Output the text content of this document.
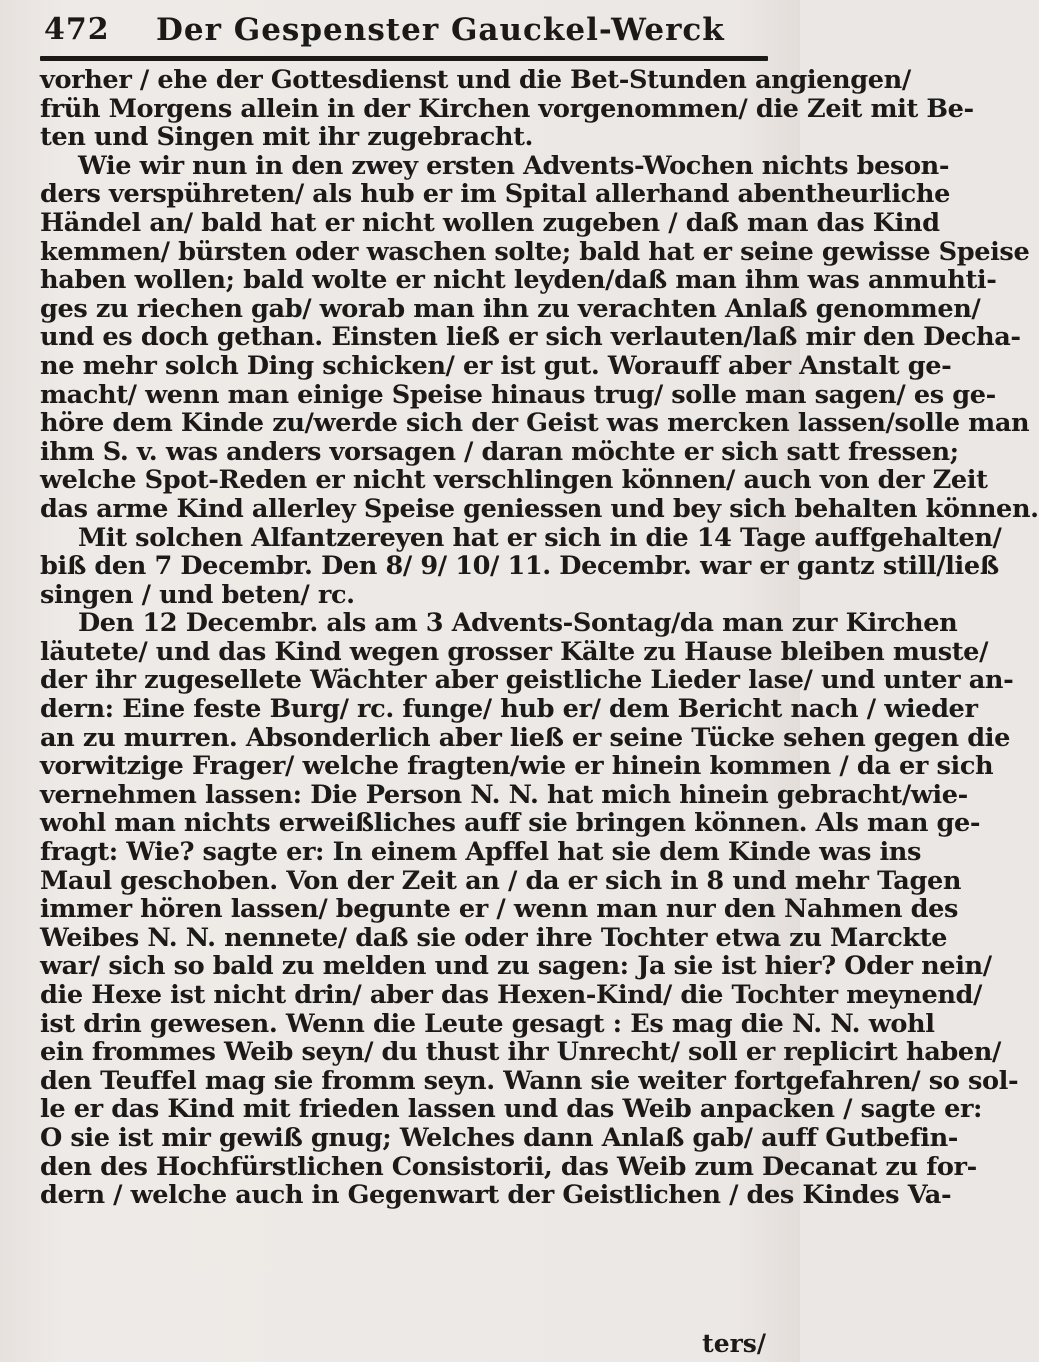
472 Der Gespenster Gauckel-Werck
vorher / ehe der Gottesdienst und die Bet-Stunden angiengen/
früh Morgens allein in der Kirchen vorgenommen/ die Zeit mit Be-
ten und Singen mit ihr zugebracht.
Wie wir nun in den zwey ersten Advents-Wochen nichts beson-
ders verspühreten/ als hub er im Spital allerhand abentheurliche
Händel an/ bald hat er nicht wollen zugeben / daß man das Kind
kemmen/ bürsten oder waschen solte; bald hat er seine gewisse Speise
haben wollen; bald wolte er nicht leyden/daß man ihm was anmuhti-
ges zu riechen gab/ worab man ihn zu verachten Anlaß genommen/
und es doch gethan. Einsten ließ er sich verlauten/laß mir den Decha-
ne mehr solch Ding schicken/ er ist gut. Worauff aber Anstalt ge-
macht/ wenn man einige Speise hinaus trug/ solle man sagen/ es ge-
höre dem Kinde zu/werde sich der Geist was mercken lassen/solle man
ihm S. v. was anders vorsagen / daran möchte er sich satt fressen;
welche Spot-Reden er nicht verschlingen können/ auch von der Zeit
das arme Kind allerley Speise geniessen und bey sich behalten können.
Mit solchen Alfantzereyen hat er sich in die 14 Tage auffgehalten/
biß den 7 Decembr. Den 8/ 9/ 10/ 11. Decembr. war er gantz still/ließ
singen / und beten/ rc.
Den 12 Decembr. als am 3 Advents-Sontag/da man zur Kirchen
läutete/ und das Kind wegen grosser Kälte zu Hause bleiben muste/
der ihr zugesellete Wächter aber geistliche Lieder lase/ und unter an-
dern: Eine feste Burg/ rc. funge/ hub er/ dem Bericht nach / wieder
an zu murren. Absonderlich aber ließ er seine Tücke sehen gegen die
vorwitzige Frager/ welche fragten/wie er hinein kommen / da er sich
vernehmen lassen: Die Person N. N. hat mich hinein gebracht/wie-
wohl man nichts erweißliches auff sie bringen können. Als man ge-
fragt: Wie? sagte er: In einem Apffel hat sie dem Kinde was ins
Maul geschoben. Von der Zeit an / da er sich in 8 und mehr Tagen
immer hören lassen/ begunte er / wenn man nur den Nahmen des
Weibes N. N. nennete/ daß sie oder ihre Tochter etwa zu Marckte
war/ sich so bald zu melden und zu sagen: Ja sie ist hier? Oder nein/
die Hexe ist nicht drin/ aber das Hexen-Kind/ die Tochter meynend/
ist drin gewesen. Wenn die Leute gesagt : Es mag die N. N. wohl
ein frommes Weib seyn/ du thust ihr Unrecht/ soll er replicirt haben/
den Teuffel mag sie fromm seyn. Wann sie weiter fortgefahren/ so sol-
le er das Kind mit frieden lassen und das Weib anpacken / sagte er:
O sie ist mir gewiß gnug; Welches dann Anlaß gab/ auff Gutbefin-
den des Hochfürstlichen Consistorii, das Weib zum Decanat zu for-
dern / welche auch in Gegenwart der Geistlichen / des Kindes Va-
ters/
